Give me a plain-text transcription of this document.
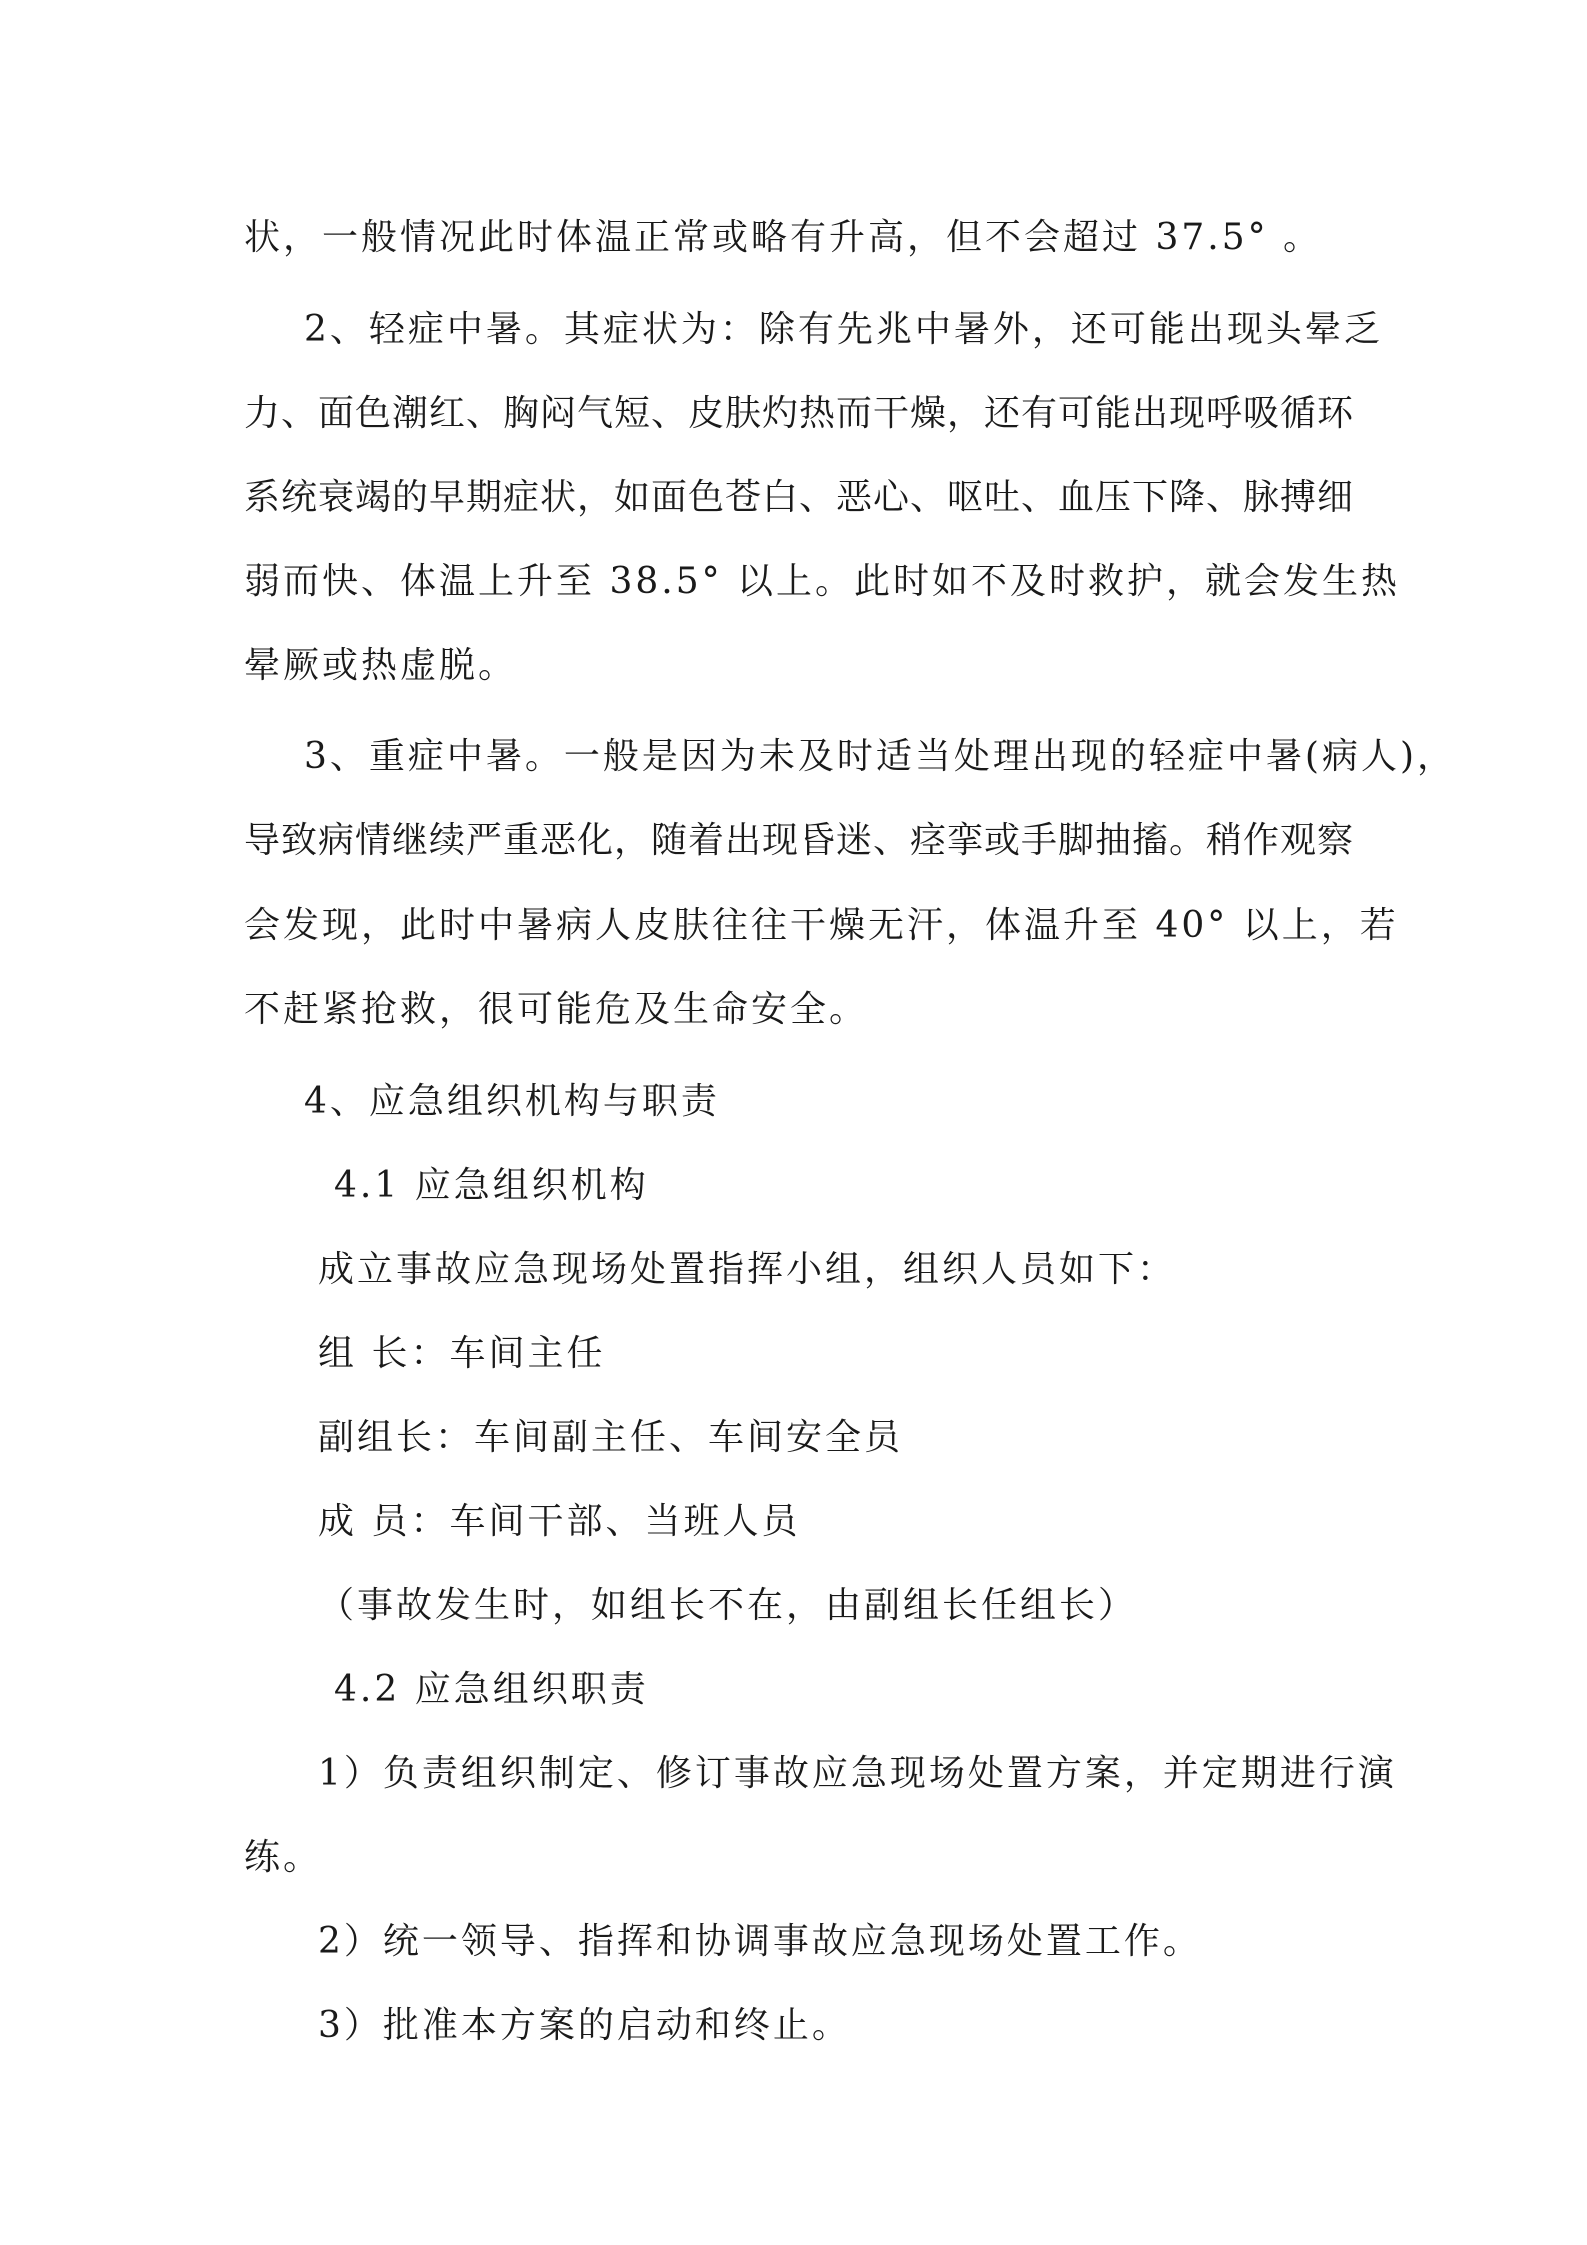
状，一般情况此时体温正常或略有升高，但不会超过 37.5° 。

2、轻症中暑。其症状为：除有先兆中暑外，还可能出现头晕乏

力、面色潮红、胸闷气短、皮肤灼热而干燥，还有可能出现呼吸循环

系统衰竭的早期症状，如面色苍白、恶心、呕吐、血压下降、脉搏细

弱而快、体温上升至 38.5° 以上。此时如不及时救护，就会发生热

晕厥或热虚脱。

3、重症中暑。一般是因为未及时适当处理出现的轻症中暑(病人)，

导致病情继续严重恶化，随着出现昏迷、痉挛或手脚抽搐。稍作观察

会发现，此时中暑病人皮肤往往干燥无汗，体温升至 40° 以上，若

不赶紧抢救，很可能危及生命安全。

4、应急组织机构与职责

4.1 应急组织机构

成立事故应急现场处置指挥小组，组织人员如下：

组 长：车间主任

副组长：车间副主任、车间安全员

成 员：车间干部、当班人员

（事故发生时，如组长不在，由副组长任组长）

4.2 应急组织职责

1）负责组织制定、修订事故应急现场处置方案，并定期进行演

练。

2）统一领导、指挥和协调事故应急现场处置工作。

3）批准本方案的启动和终止。
